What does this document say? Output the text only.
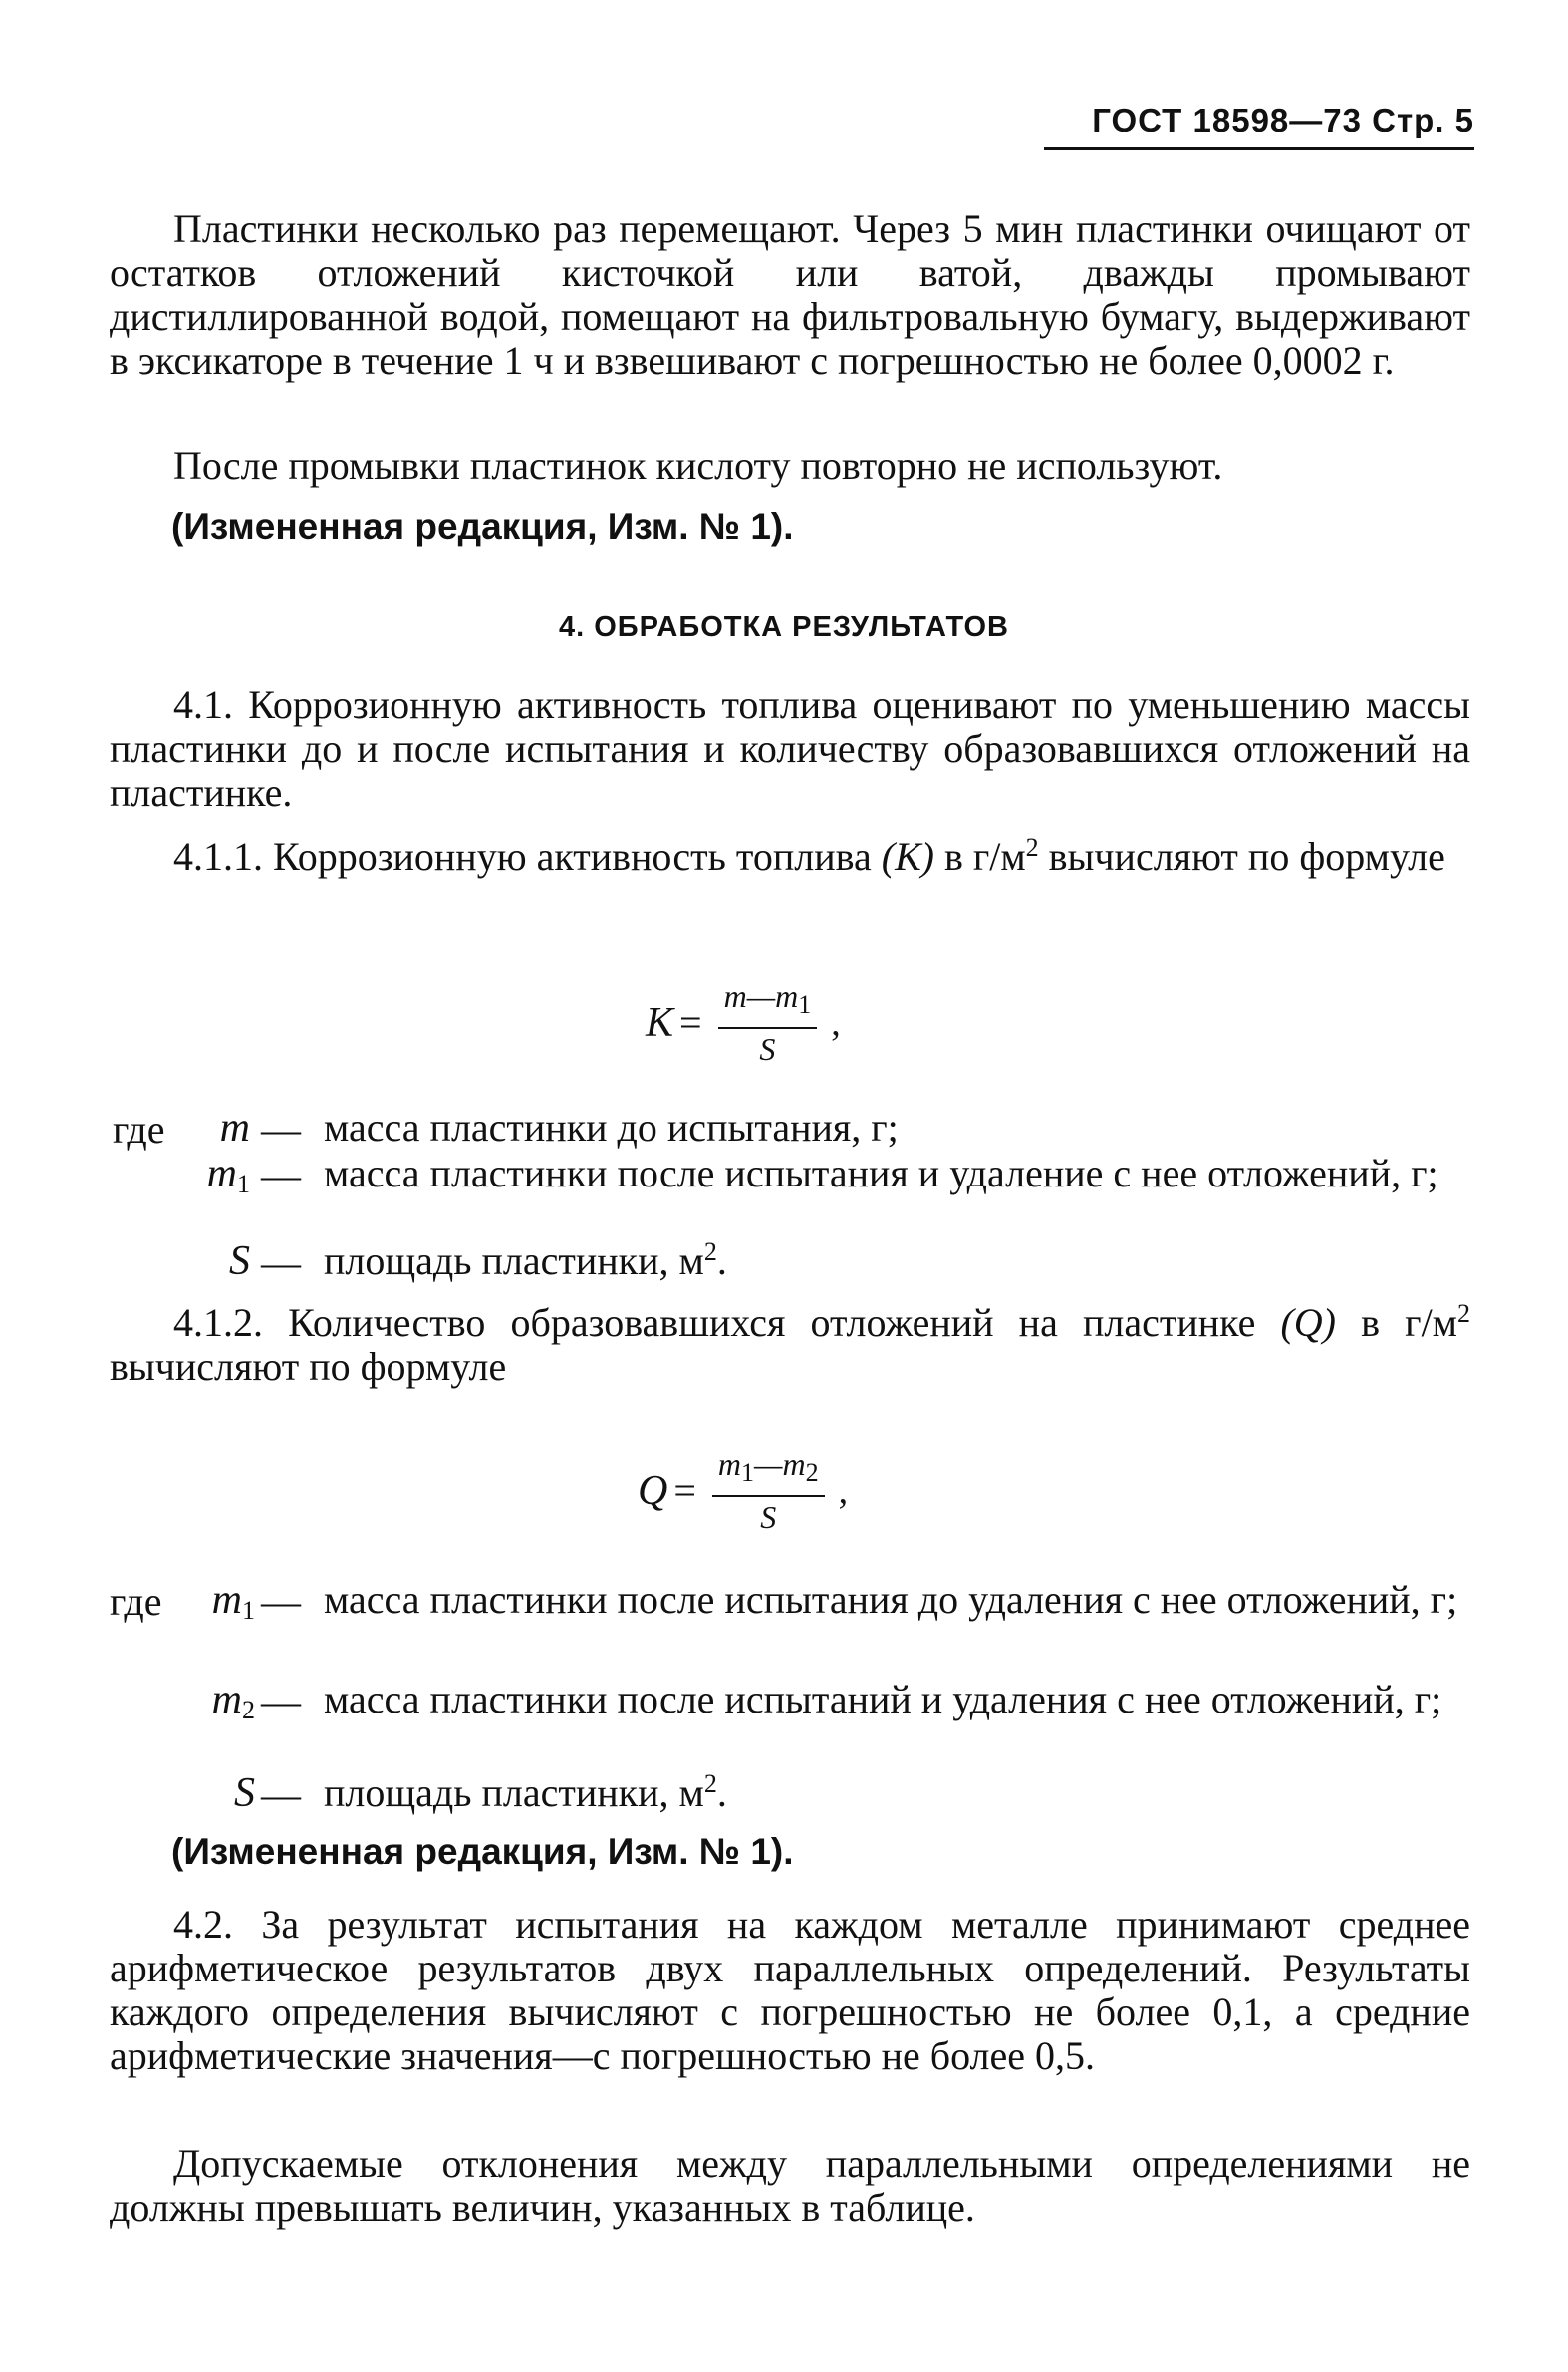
ГОСТ 18598—73 Стр. 5

Пластинки несколько раз перемещают. Через 5 мин пластинки очищают от остатков отложений кисточкой или ватой, дважды промывают дистиллированной водой, помещают на фильтровальную бумагу, выдерживают в эксикаторе в течение 1 ч и взвешивают с погрешностью не более 0,0002 г.

После промывки пластинок кислоту повторно не используют.

(Измененная редакция, Изм. № 1).
4. ОБРАБОТКА РЕЗУЛЬТАТОВ

4.1. Коррозионную активность топлива оценивают по уменьшению массы пластинки до и после испытания и количеству образовавшихся отложений на пластинке.

4.1.1. Коррозионную активность топлива (К) в $г/м^2$ вычисляют по формуле

$K = \frac{m—m_1}{S}$ ,
где	m — масса пластинки до испытания, г;
$m_1$ — масса пластинки после испытания и удаление с нее отложений, г;
S — площадь пластинки, $м^2$.

4.1.2. Количество образовавшихся отложений на пластинке (Q) в $г/м^2$ вычисляют по формуле

$Q = \frac{m_1—m_2}{S}$ ,
где	$m_1$ — масса пластинки после испытания до удаления с нее отложений, г;
$m_2$ — масса пластинки после испытаний и удаления с нее отложений, г;
S — площадь пластинки, $м^2$.
(Измененная редакция, Изм. № 1).

4.2. За результат испытания на каждом металле принимают среднее арифметическое результатов двух параллельных определений. Результаты каждого определения вычисляют с погрешностью не более 0,1, а средние арифметические значения—с погрешностью не более 0,5.

Допускаемые отклонения между параллельными определениями не должны превышать величин, указанных в таблице.
